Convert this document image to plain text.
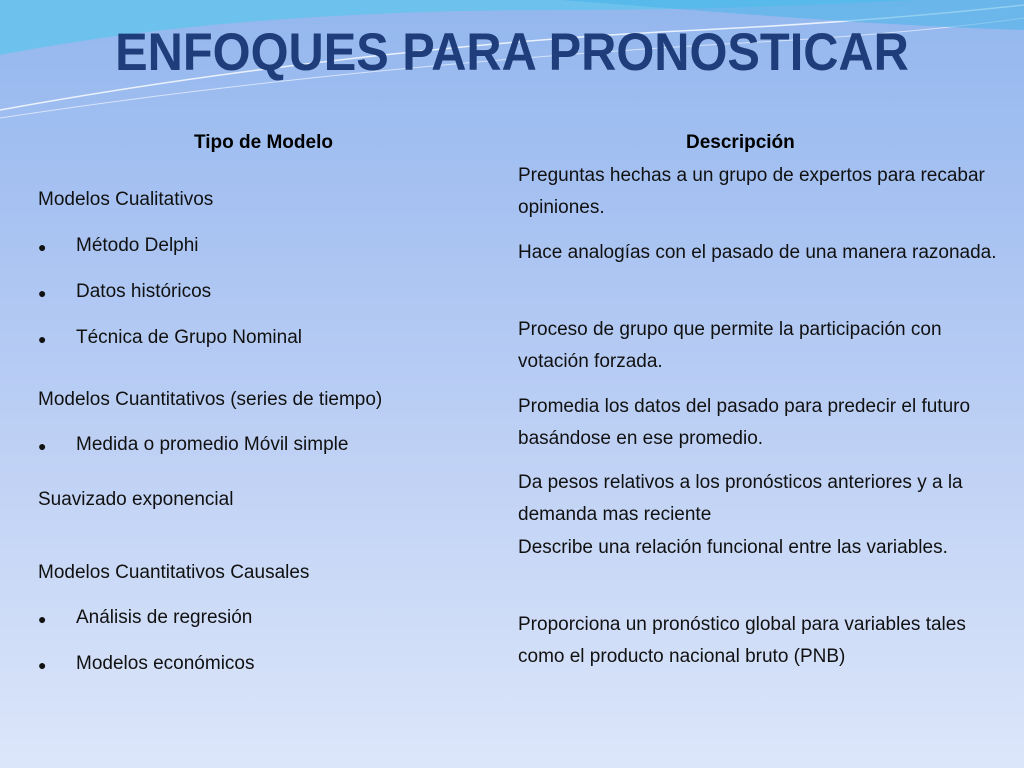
ENFOQUES PARA PRONOSTICAR
Tipo de Modelo	Descripción
Modelos Cualitativos
● Método Delphi
● Datos históricos
● Técnica de Grupo Nominal
Modelos Cuantitativos (series de tiempo)
● Medida o promedio Móvil simple
Suavizado exponencial
Modelos Cuantitativos Causales
● Análisis de regresión
● Modelos económicos
Preguntas hechas a un grupo de expertos para recabar opiniones.
Hace analogías con el pasado de una manera razonada.
Proceso de grupo que permite la participación con votación forzada.
Promedia los datos del pasado para predecir el futuro basándose en ese promedio.
Da pesos relativos a los pronósticos anteriores y a la demanda mas reciente
Describe una relación funcional entre las variables.
Proporciona un pronóstico global para variables tales como el producto nacional bruto (PNB)
